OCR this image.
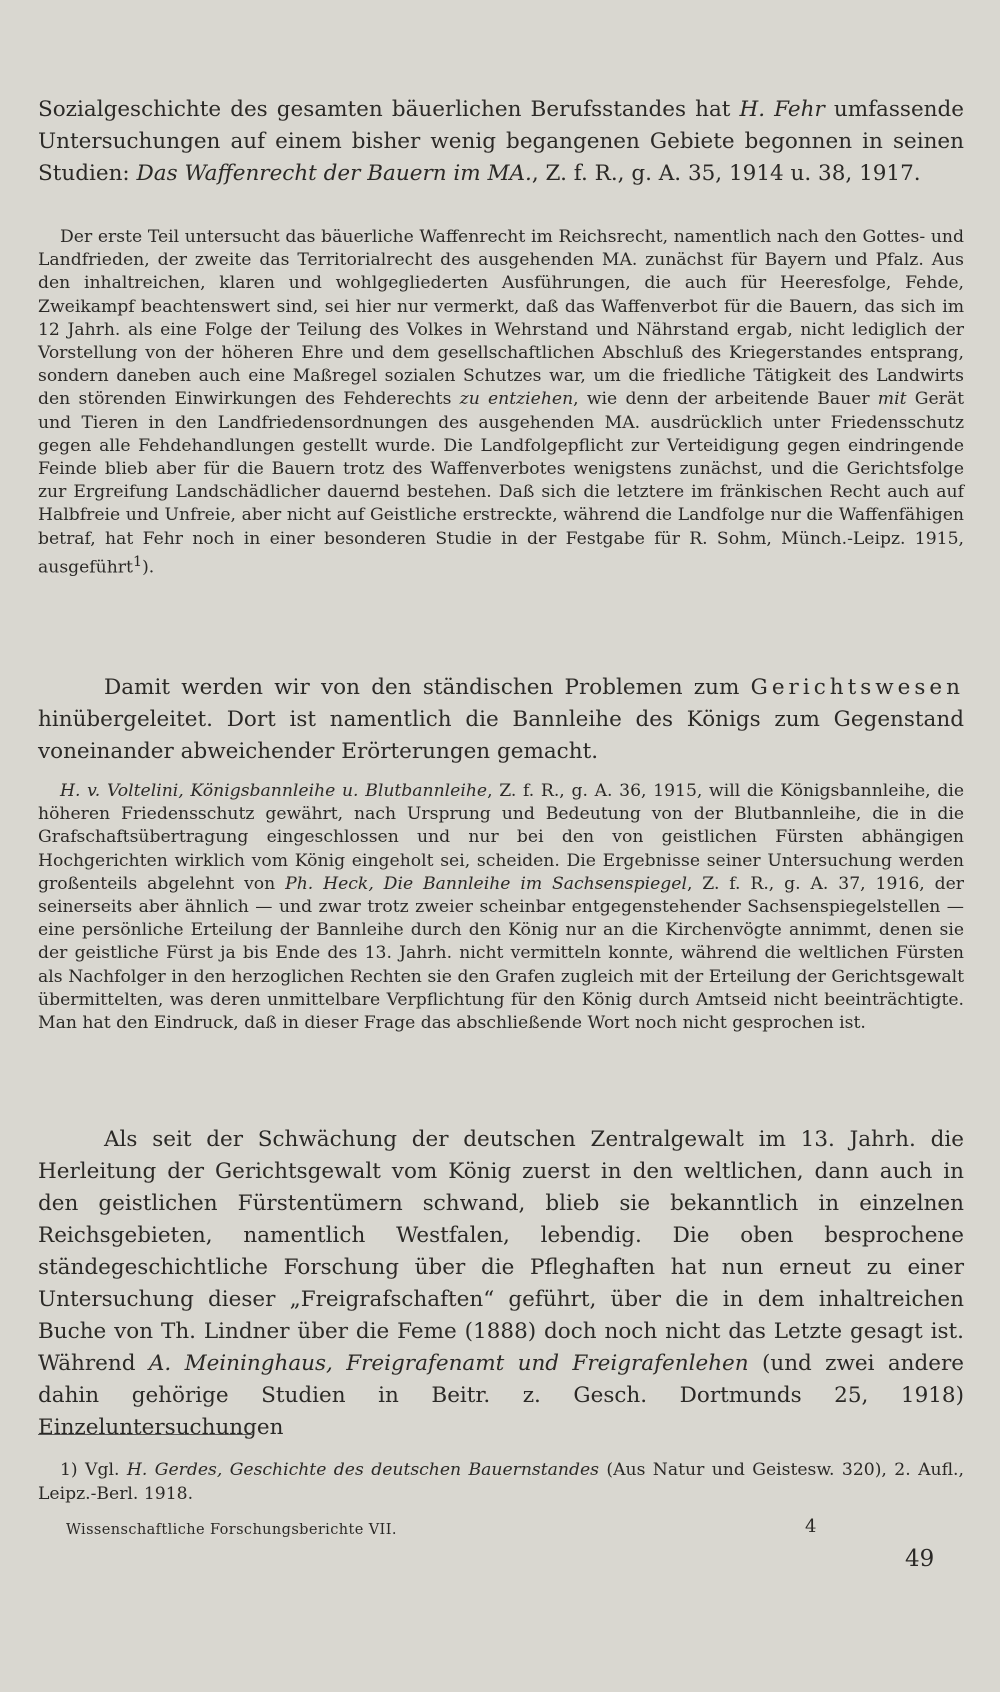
Sozialgeschichte des gesamten bäuerlichen Berufsstandes hat H. Fehr umfassende Untersuchungen auf einem bisher wenig begangenen Gebiete begonnen in seinen Studien: Das Waffenrecht der Bauern im MA., Z. f. R., g. A. 35, 1914 u. 38, 1917.

Der erste Teil untersucht das bäuerliche Waffenrecht im Reichsrecht, namentlich nach den Gottes- und Landfrieden, der zweite das Territorialrecht des ausgehenden MA. zunächst für Bayern und Pfalz. Aus den inhaltreichen, klaren und wohlgegliederten Ausführungen, die auch für Heeresfolge, Fehde, Zweikampf beachtenswert sind, sei hier nur vermerkt, daß das Waffenverbot für die Bauern, das sich im 12 Jahrh. als eine Folge der Teilung des Volkes in Wehrstand und Nährstand ergab, nicht lediglich der Vorstellung von der höheren Ehre und dem gesellschaftlichen Abschluß des Kriegerstandes entsprang, sondern daneben auch eine Maßregel sozialen Schutzes war, um die friedliche Tätigkeit des Landwirts den störenden Einwirkungen des Fehderechts zu entziehen, wie denn der arbeitende Bauer mit Gerät und Tieren in den Landfriedensordnungen des ausgehenden MA. ausdrücklich unter Friedensschutz gegen alle Fehdehandlungen gestellt wurde. Die Landfolgepflicht zur Verteidigung gegen eindringende Feinde blieb aber für die Bauern trotz des Waffenverbotes wenigstens zunächst, und die Gerichtsfolge zur Ergreifung Landschädlicher dauernd bestehen. Daß sich die letztere im fränkischen Recht auch auf Halbfreie und Unfreie, aber nicht auf Geistliche erstreckte, während die Landfolge nur die Waffenfähigen betraf, hat Fehr noch in einer besonderen Studie in der Festgabe für R. Sohm, Münch.-Leipz. 1915, ausgeführt$^1$).

Damit werden wir von den ständischen Problemen zum Gerichtswesen hinübergeleitet. Dort ist namentlich die Bannleihe des Königs zum Gegenstand voneinander abweichender Erörterungen gemacht.

H. v. Voltelini, Königsbannleihe u. Blutbannleihe, Z. f. R., g. A. 36, 1915, will die Königsbannleihe, die höheren Friedensschutz gewährt, nach Ursprung und Bedeutung von der Blutbannleihe, die in die Grafschaftsübertragung eingeschlossen und nur bei den von geistlichen Fürsten abhängigen Hochgerichten wirklich vom König eingeholt sei, scheiden. Die Ergebnisse seiner Untersuchung werden großenteils abgelehnt von Ph. Heck, Die Bannleihe im Sachsenspiegel, Z. f. R., g. A. 37, 1916, der seinerseits aber ähnlich — und zwar trotz zweier scheinbar entgegenstehender Sachsenspiegelstellen — eine persönliche Erteilung der Bannleihe durch den König nur an die Kirchenvögte annimmt, denen sie der geistliche Fürst ja bis Ende des 13. Jahrh. nicht vermitteln konnte, während die weltlichen Fürsten als Nachfolger in den herzoglichen Rechten sie den Grafen zugleich mit der Erteilung der Gerichtsgewalt übermittelten, was deren unmittelbare Verpflichtung für den König durch Amtseid nicht beeinträchtigte. Man hat den Eindruck, daß in dieser Frage das abschließende Wort noch nicht gesprochen ist.

Als seit der Schwächung der deutschen Zentralgewalt im 13. Jahrh. die Herleitung der Gerichtsgewalt vom König zuerst in den weltlichen, dann auch in den geistlichen Fürstentümern schwand, blieb sie bekanntlich in einzelnen Reichsgebieten, namentlich Westfalen, lebendig. Die oben besprochene ständegeschichtliche Forschung über die Pfleghaften hat nun erneut zu einer Untersuchung dieser „Freigrafschaften“ geführt, über die in dem inhaltreichen Buche von Th. Lindner über die Feme (1888) doch noch nicht das Letzte gesagt ist. Während A. Meininghaus, Freigrafenamt und Freigrafenlehen (und zwei andere dahin gehörige Studien in Beitr. z. Gesch. Dortmunds 25, 1918) Einzeluntersuchungen

1) Vgl. H. Gerdes, Geschichte des deutschen Bauernstandes (Aus Natur und Geistesw. 320), 2. Aufl., Leipz.-Berl. 1918.

Wissenschaftliche Forschungsberichte VII.	4
49
